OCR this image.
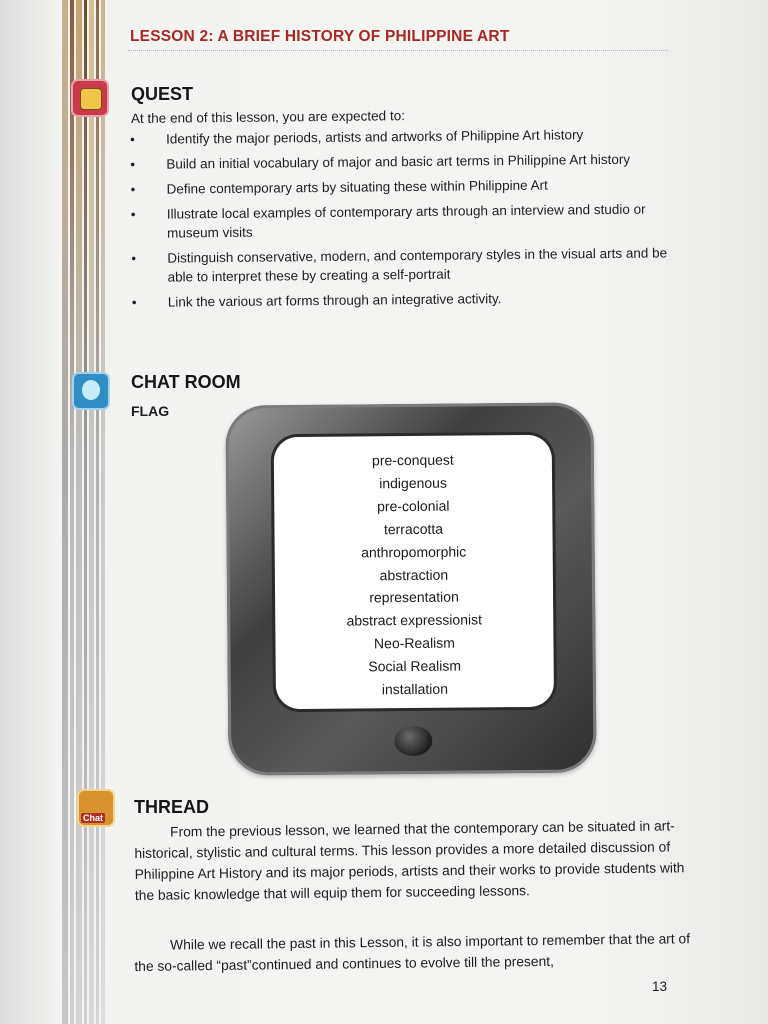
LESSON 2: A BRIEF HISTORY OF PHILIPPINE ART
QUEST
At the end of this lesson, you are expected to:
• Identify the major periods, artists and artworks of Philippine Art history
• Build an initial vocabulary of major and basic art terms in Philippine Art history
• Define contemporary arts by situating these within Philippine Art
• Illustrate local examples of contemporary arts through an interview and studio or museum visits
• Distinguish conservative, modern, and contemporary styles in the visual arts and be able to interpret these by creating a self-portrait
• Link the various art forms through an integrative activity.
CHAT ROOM
FLAG
pre-conquest
indigenous
pre-colonial
terracotta
anthropomorphic
abstraction
representation
abstract expressionist
Neo-Realism
Social Realism
installation
Chat
THREAD
From the previous lesson, we learned that the contemporary can be situated in art-historical, stylistic and cultural terms. This lesson provides a more detailed discussion of Philippine Art History and its major periods, artists and their works to provide students with the basic knowledge that will equip them for succeeding lessons.
While we recall the past in this Lesson, it is also important to remember that the art of the so-called “past”continued and continues to evolve till the present,
13
